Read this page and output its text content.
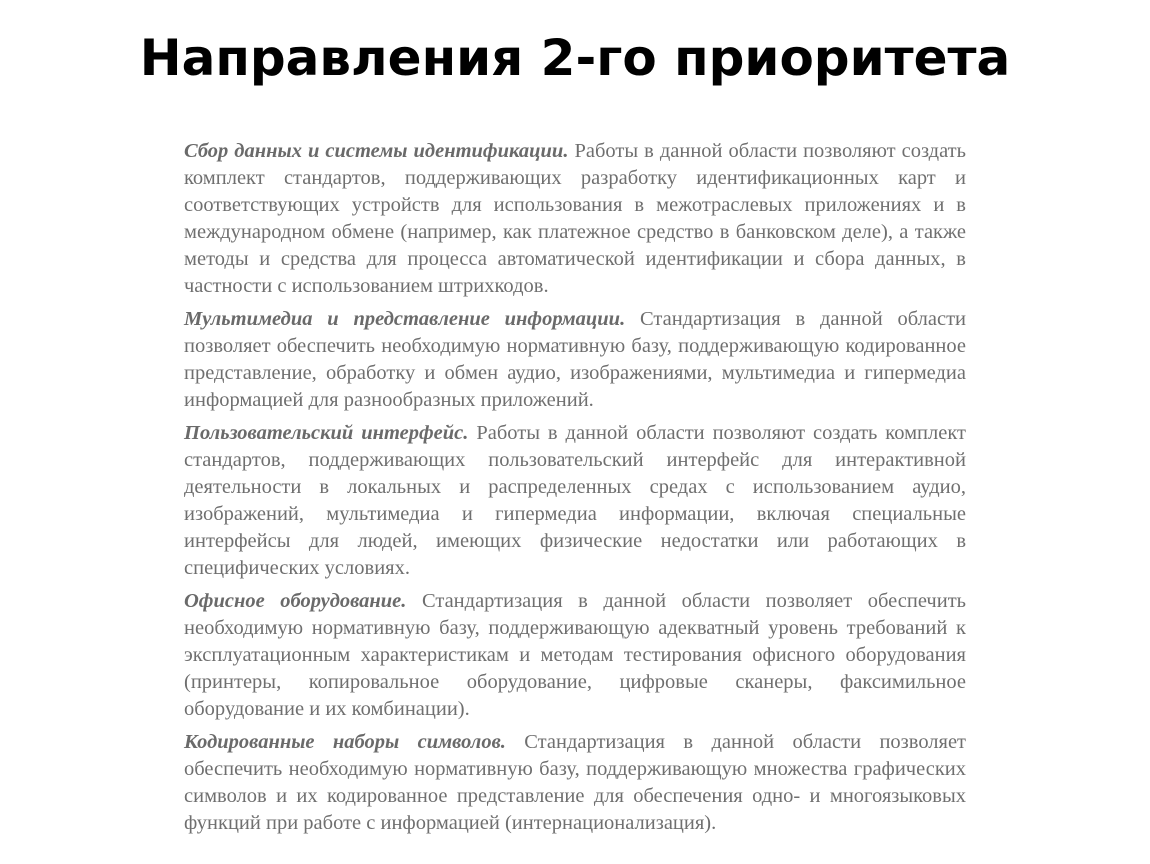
Направления 2-го приоритета

Сбор данных и системы идентификации. Работы в данной области позволяют создать комплект стандартов, поддерживающих разработку идентификационных карт и соответствующих устройств для использования в межотраслевых приложениях и в международном обмене (например, как платежное средство в банковском деле), а также методы и средства для процесса автоматической идентификации и сбора данных, в частности с использованием штрихкодов.

Мультимедиа и представление информации. Стандартизация в данной области позволяет обеспечить необходимую нормативную базу, поддерживающую кодированное представление, обработку и обмен аудио, изображениями, мультимедиа и гипермедиа информацией для разнообразных приложений.

Пользовательский интерфейс. Работы в данной области позволяют создать комплект стандартов, поддерживающих пользовательский интерфейс для интерактивной деятельности в локальных и распределенных средах с использованием аудио, изображений, мультимедиа и гипермедиа информации, включая специальные интерфейсы для людей, имеющих физические недостатки или работающих в специфических условиях.

Офисное оборудование. Стандартизация в данной области позволяет обеспечить необходимую нормативную базу, поддерживающую адекватный уровень требований к эксплуатационным характеристикам и методам тестирования офисного оборудования (принтеры, копировальное оборудование, цифровые сканеры, факсимильное оборудование и их комбинации).

Кодированные наборы символов. Стандартизация в данной области позволяет обеспечить необходимую нормативную базу, поддерживающую множества графических символов и их кодированное представление для обеспечения одно- и многоязыковых функций при работе с информацией (интернационализация).
